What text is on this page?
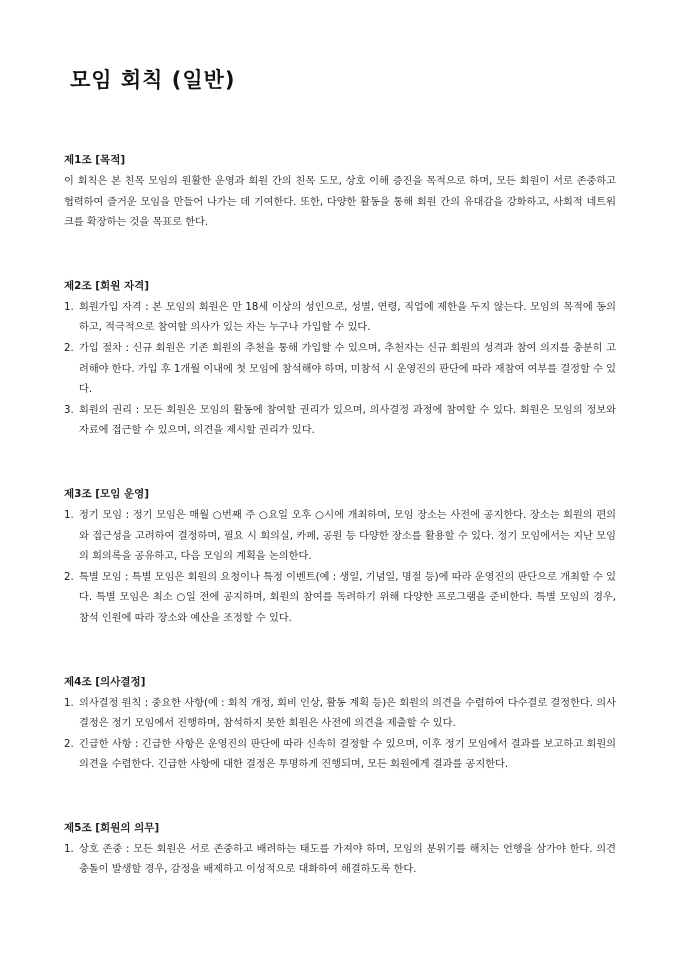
모임 회칙 (일반)
제1조 [목적]

이 회칙은 본 친목 모임의 원활한 운영과 회원 간의 친목 도모, 상호 이해 증진을 목적으로 하며, 모든 회원이 서로 존중하고 협력하여 즐거운 모임을 만들어 나가는 데 기여한다. 또한, 다양한 활동을 통해 회원 간의 유대감을 강화하고, 사회적 네트워크를 확장하는 것을 목표로 한다.

제2조 [회원 자격]
1. 회원가입 자격 : 본 모임의 회원은 만 18세 이상의 성인으로, 성별, 연령, 직업에 제한을 두지 않는다. 모임의 목적에 동의하고, 적극적으로 참여할 의사가 있는 자는 누구나 가입할 수 있다.
2. 가입 절차 : 신규 회원은 기존 회원의 추천을 통해 가입할 수 있으며, 추천자는 신규 회원의 성격과 참여 의지를 충분히 고려해야 한다. 가입 후 1개월 이내에 첫 모임에 참석해야 하며, 미참석 시 운영진의 판단에 따라 재참여 여부를 결정할 수 있다.
3. 회원의 권리 : 모든 회원은 모임의 활동에 참여할 권리가 있으며, 의사결정 과정에 참여할 수 있다. 회원은 모임의 정보와 자료에 접근할 수 있으며, 의견을 제시할 권리가 있다.
제3조 [모임 운영]
1. 정기 모임 : 정기 모임은 매월 ○번째 주 ○요일 오후 ○시에 개최하며, 모임 장소는 사전에 공지한다. 장소는 회원의 편의와 접근성을 고려하여 결정하며, 필요 시 회의실, 카페, 공원 등 다양한 장소를 활용할 수 있다. 정기 모임에서는 지난 모임의 회의록을 공유하고, 다음 모임의 계획을 논의한다.
2. 특별 모임 : 특별 모임은 회원의 요청이나 특정 이벤트(예 : 생일, 기념일, 명절 등)에 따라 운영진의 판단으로 개최할 수 있다. 특별 모임은 최소 ○일 전에 공지하며, 회원의 참여를 독려하기 위해 다양한 프로그램을 준비한다. 특별 모임의 경우, 참석 인원에 따라 장소와 예산을 조정할 수 있다.
제4조 [의사결정]
1. 의사결정 원칙 : 중요한 사항(예 : 회칙 개정, 회비 인상, 활동 계획 등)은 회원의 의견을 수렴하여 다수결로 결정한다. 의사결정은 정기 모임에서 진행하며, 참석하지 못한 회원은 사전에 의견을 제출할 수 있다.
2. 긴급한 사항 : 긴급한 사항은 운영진의 판단에 따라 신속히 결정할 수 있으며, 이후 정기 모임에서 결과를 보고하고 회원의 의견을 수렴한다. 긴급한 사항에 대한 결정은 투명하게 진행되며, 모든 회원에게 결과를 공지한다.
제5조 [회원의 의무]
1. 상호 존중 : 모든 회원은 서로 존중하고 배려하는 태도를 가져야 하며, 모임의 분위기를 해치는 언행을 삼가야 한다. 의견 충돌이 발생할 경우, 감정을 배제하고 이성적으로 대화하여 해결하도록 한다.
